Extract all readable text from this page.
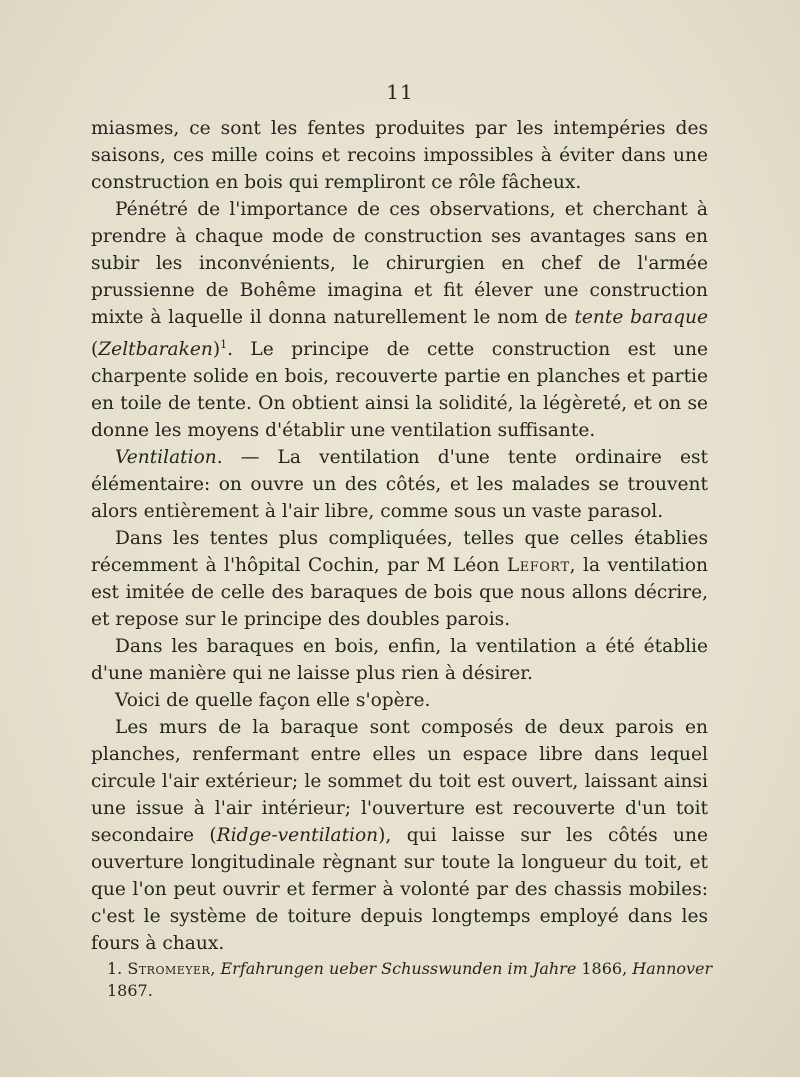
11

miasmes, ce sont les fentes produites par les intempéries des saisons, ces mille coins et recoins impossibles à éviter dans une construction en bois qui rempliront ce rôle fâcheux.

Pénétré de l'importance de ces observations, et cherchant à prendre à chaque mode de construction ses avantages sans en subir les inconvénients, le chirurgien en chef de l'armée prussienne de Bohême imagina et fit élever une construction mixte à laquelle il donna naturellement le nom de tente baraque (Zeltbaraken)$^1$. Le principe de cette construction est une charpente solide en bois, recouverte partie en planches et partie en toile de tente. On obtient ainsi la solidité, la légèreté, et on se donne les moyens d'établir une ventilation suffisante.

Ventilation. — La ventilation d'une tente ordinaire est élémentaire: on ouvre un des côtés, et les malades se trouvent alors entièrement à l'air libre, comme sous un vaste parasol.

Dans les tentes plus compliquées, telles que celles établies récemment à l'hôpital Cochin, par M Léon Lefort, la ventilation est imitée de celle des baraques de bois que nous allons décrire, et repose sur le principe des doubles parois.

Dans les baraques en bois, enfin, la ventilation a été établie d'une manière qui ne laisse plus rien à désirer.

Voici de quelle façon elle s'opère.

Les murs de la baraque sont composés de deux parois en planches, renfermant entre elles un espace libre dans lequel circule l'air extérieur; le sommet du toit est ouvert, laissant ainsi une issue à l'air intérieur; l'ouverture est recouverte d'un toit secondaire (Ridge-ventilation), qui laisse sur les côtés une ouverture longitudinale règnant sur toute la longueur du toit, et que l'on peut ouvrir et fermer à volonté par des chassis mobiles: c'est le système de toiture depuis longtemps employé dans les fours à chaux.

1. Stromeyer, Erfahrungen ueber Schusswunden im Jahre 1866, Hannover 1867.
